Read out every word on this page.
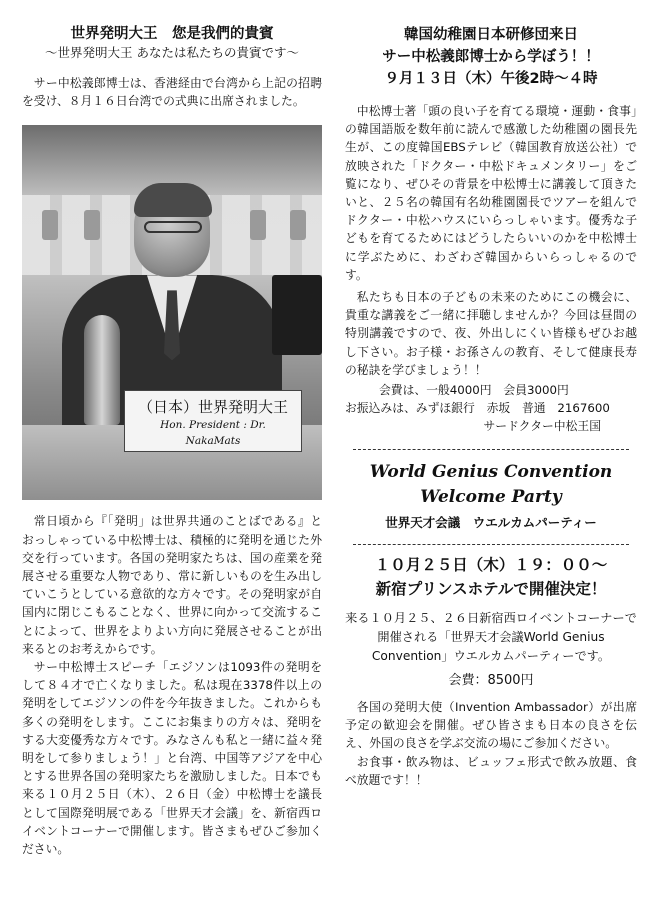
世界発明大王　您是我們的貴賓
〜世界発明大王 あなたは私たちの貴賓です〜

サー中松義郎博士は、香港経由で台湾から上記の招聘を受け、８月１６日台湾での式典に出席されました。

（日本）世界発明大王
Hon. President : Dr. NakaMats

常日頃から『「発明」は世界共通のことばである』とおっしゃっている中松博士は、積極的に発明を通じた外交を行っています。各国の発明家たちは、国の産業を発展させる重要な人物であり、常に新しいものを生み出していこうとしている意欲的な方々です。その発明家が自国内に閉じこもることなく、世界に向かって交流することによって、世界をよりよい方向に発展させることが出来るとのお考えからです。

サー中松博士スピーチ「エジソンは1093件の発明をして８４才で亡くなりました。私は現在3378件以上の発明をしてエジソンの件を今年抜きました。これからも多くの発明をします。ここにお集まりの方々は、発明をする大変優秀な方々です。みなさんも私と一緒に益々発明をして参りましょう！」と台湾、中国等アジアを中心とする世界各国の発明家たちを激励しました。日本でも来る１０月２５日（木）、２６日（金）中松博士を議長として国際発明展である「世界天才会議」を、新宿西ロイベントコーナーで開催します。皆さまもぜひご参加ください。

韓国幼稚園日本研修団来日
サー中松義郎博士から学ぼう！！
９月１３日（木）午後2時〜４時

中松博士著「頭の良い子を育てる環境・運動・食事」の韓国語版を数年前に読んで感激した幼稚園の園長先生が、この度韓国EBSテレビ（韓国教育放送公社）で放映された「ドクター・中松ドキュメンタリー」をご覧になり、ぜひその背景を中松博士に講義して頂きたいと、２５名の韓国有名幼稚園園長でツアーを組んでドクター・中松ハウスにいらっしゃいます。優秀な子どもを育てるためにはどうしたらいいのかを中松博士に学ぶために、わざわざ韓国からいらっしゃるのです。

私たちも日本の子どもの未来のためにこの機会に、貴重な講義をご一緒に拝聴しませんか？今回は昼間の特別講義ですので、夜、外出しにくい皆様もぜひお越し下さい。お子様・お孫さんの教育、そして健康長寿の秘訣を学びましょう！！

会費は、一般4000円　会員3000円
お振込みは、みずほ銀行　赤坂　普通　2167600
サードクター中松王国
World Genius Convention
Welcome Party
世界天才会議　ウエルカムパーティー
１０月２５日（木）１９：００〜
新宿プリンスホテルで開催決定！
来る１０月２５、２６日新宿西ロイベントコーナーで
開催される「世界天才会議World Genius
Convention」ウエルカムパーティーです。
会費：8500円

各国の発明大使（Invention Ambassador）が出席予定の歓迎会を開催。ぜひ皆さまも日本の良さを伝え、外国の良さを学ぶ交流の場にご参加ください。

お食事・飲み物は、ビュッフェ形式で飲み放題、食べ放題です！！
